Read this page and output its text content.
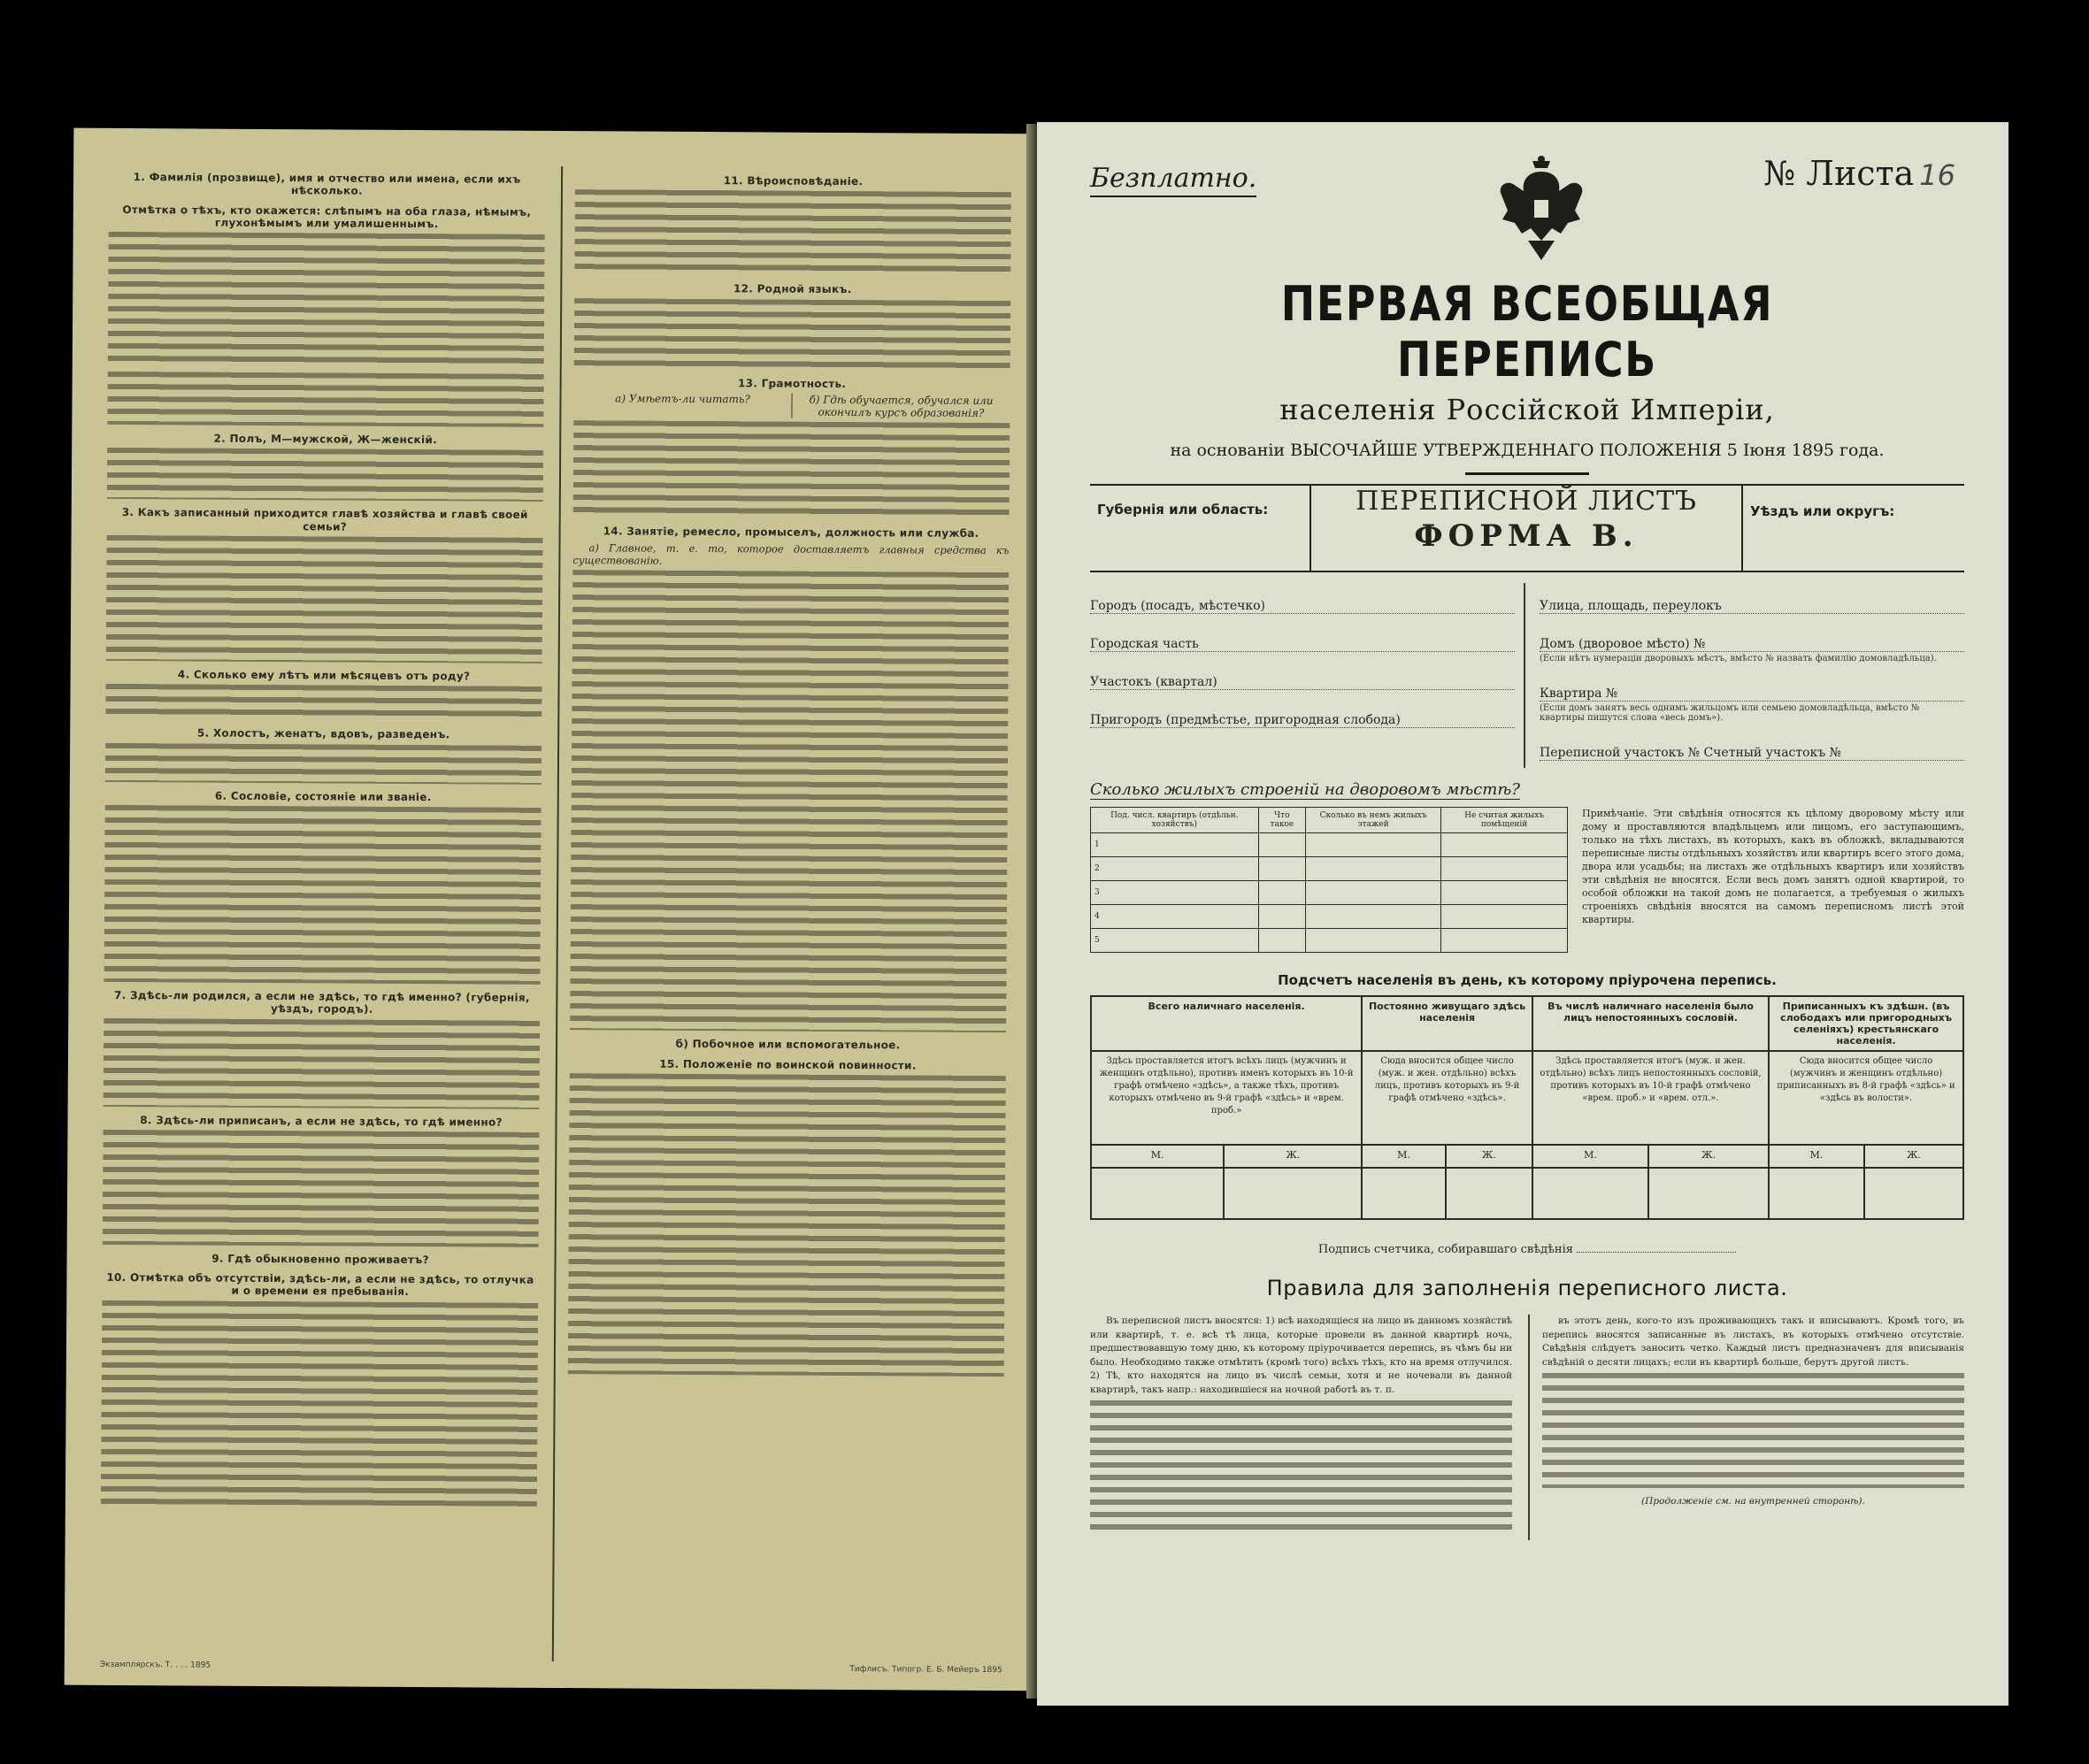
1. Фамилія (прозвище), имя и отчество или имена, если ихъ нѣсколько.
Отмѣтка о тѣхъ, кто окажется: слѣпымъ на оба глаза, нѣмымъ, глухонѣмымъ или умалишеннымъ.
2. Полъ, М—мужской, Ж—женскій.
3. Какъ записанный приходится главѣ хозяйства и главѣ своей семьи?
4. Сколько ему лѣтъ или мѣсяцевъ отъ роду?
5. Холостъ, женатъ, вдовъ, разведенъ.
6. Сословіе, состояніе или званіе.
7. Здѣсь-ли родился, а если не здѣсь, то гдѣ именно? (губернія, уѣздъ, городъ).
8. Здѣсь-ли приписанъ, а если не здѣсь, то гдѣ именно?
9. Гдѣ обыкновенно проживаетъ?
10. Отмѣтка объ отсутствіи, здѣсь-ли, а если не здѣсь, то отлучка и о времени ея пребыванія.
11. Вѣроисповѣданіе.
12. Родной языкъ.
13. Грамотность.
а) Умѣетъ-ли читать?	б) Гдѣ обучается, обучался или окончилъ курсъ образованія?
14. Занятіе, ремесло, промыселъ, должность или служба.

а) Главное, т. е. то, которое доставляетъ главныя средства къ существованію.

б) Побочное или вспомогательное.
15. Положеніе по воинской повинности.
Экзамплярскъ. Т. . . . 1895	Тифлисъ. Типогр. Е. Б. Мейеръ 1895
Безплатно.	№ Листа 16
ПЕРВАЯ ВСЕОБЩАЯ ПЕРЕПИСЬ
населенія Россійской Имперіи,
на основаніи ВЫСОЧАЙШЕ УТВЕРЖДЕННАГО ПОЛОЖЕНІЯ 5 Іюня 1895 года.
Губернія или область:	ПЕРЕПИСНОЙ ЛИСТЪ
ФОРМА В.
Уѣздъ или округъ:
Городъ (посадъ, мѣстечко)
Городская часть
Участокъ (квартал)
Пригородъ (предмѣстье, пригородная слобода)
Улица, площадь, переулокъ
Домъ (дворовое мѣсто) №
(Если нѣтъ нумераціи дворовыхъ мѣстъ, вмѣсто № назвать фамилію домовладѣльца).
Квартира №
(Если домъ занятъ весь однимъ жильцомъ или семьею домовладѣльца, вмѣсто № квартиры пишутся слова «весь домъ»).
Переписной участокъ № Счетный участокъ №
Сколько жилыхъ строеній на дворовомъ мѣстѣ?
Под. числ. квартиръ (отдѣльн. хозяйствъ)	Что такое	Сколько въ немъ жилыхъ этажей	Не считая жилыхъ помѣщеній
1			
2			
3			
4			
5			
Примѣчаніе. Эти свѣдѣнія относятся къ цѣлому дворовому мѣсту или дому и проставляются владѣльцемъ или лицомъ, его заступающимъ, только на тѣхъ листахъ, въ которыхъ, какъ въ обложкѣ, вкладываются переписные листы отдѣльныхъ хозяйствъ или квартиръ всего этого дома, двора или усадьбы; на листахъ же отдѣльныхъ квартиръ или хозяйствъ эти свѣдѣнія не вносятся. Если весь домъ занятъ одной квартирой, то особой обложки на такой домъ не полагается, а требуемыя о жилыхъ строеніяхъ свѣдѣнія вносятся на самомъ переписномъ листѣ этой квартиры.
Подсчетъ населенія въ день, къ которому пріурочена перепись.
Всего наличнаго населенія.		Постоянно живущаго здѣсь населенія		Въ числѣ наличнаго населенія было лицъ непостоянныхъ сословій.		Приписанныхъ къ здѣшн. (въ слободахъ или пригородныхъ селеніяхъ) крестьянскаго населенія.	
Здѣсь проставляется итогъ всѣхъ лицъ (мужчинъ и женщинъ отдѣльно), противъ именъ которыхъ въ 10-й графѣ отмѣчено «здѣсь», а также тѣхъ, противъ которыхъ отмѣчено въ 9-й графѣ «здѣсь» и «врем. проб.»		Сюда вносится общее число (муж. и жен. отдѣльно) всѣхъ лицъ, противъ которыхъ въ 9-й графѣ отмѣчено «здѣсь».		Здѣсь проставляется итогъ (муж. и жен. отдѣльно) всѣхъ лицъ непостоянныхъ сословій, противъ которыхъ въ 10-й графѣ отмѣчено «врем. проб.» и «врем. отл.».		Сюда вносится общее число (мужчинъ и женщинъ отдѣльно) приписанныхъ въ 8-й графѣ «здѣсь» и «здѣсь въ волости».	
М.	Ж.	М.	Ж.	М.	Ж.	М.	Ж.

Подпись счетчика, собиравшаго свѣдѣнія
Правила для заполненія переписного листа.

Въ переписной листъ вносятся: 1) всѣ находящіеся на лицо въ данномъ хозяйствѣ или квартирѣ, т. е. всѣ тѣ лица, которые провели въ данной квартирѣ ночь, предшествовавшую тому дню, къ которому пріурочивается перепись, въ чѣмъ бы ни было. Необходимо также отмѣтить (кромѣ того) всѣхъ тѣхъ, кто на время отлучился. 2) Тѣ, кто находятся на лицо въ числѣ семьи, хотя и не ночевали въ данной квартирѣ, такъ напр.: находившіеся на ночной работѣ въ т. п.

въ этотъ день, кого-то изъ проживающихъ такъ и вписываютъ. Кромѣ того, въ перепись вносятся записанные въ листахъ, въ которыхъ отмѣчено отсутствіе. Свѣдѣнія слѣдуетъ заносить четко. Каждый листъ предназначенъ для вписыванія свѣдѣній о десяти лицахъ; если въ квартирѣ больше, берутъ другой листъ.

(Продолженіе см. на внутренней сторонѣ).
